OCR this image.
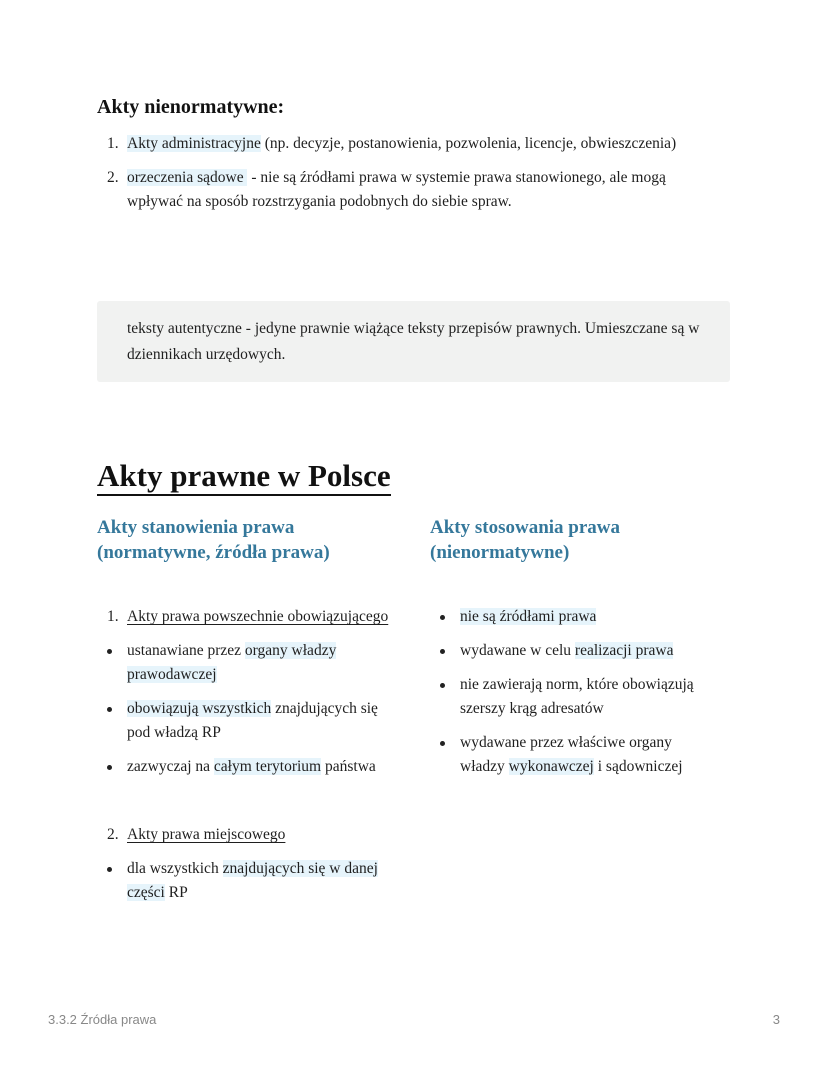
Akty nienormatywne:
1. Akty administracyjne (np. decyzje, postanowienia, pozwolenia, licencje, obwieszczenia)
2. orzeczenia sądowe  - nie są źródłami prawa w systemie prawa stanowionego, ale mogą wpływać na sposób rozstrzygania podobnych do siebie spraw.
teksty autentyczne - jedyne prawnie wiążące teksty przepisów prawnych. Umieszczane są w dziennikach urzędowych.
Akty prawne w Polsce
Akty stanowienia prawa
(normatywne, źródła prawa)
1. Akty prawa powszechnie obowiązującego
ustanawiane przez organy władzy prawodawczej
obowiązują wszystkich znajdujących się pod władzą RP
zazwyczaj na całym terytorium państwa
2. Akty prawa miejscowego
dla wszystkich znajdujących się w danej części RP
Akty stosowania prawa
(nienormatywne)
nie są źródłami prawa
wydawane w celu realizacji prawa
nie zawierają norm, które obowiązują szerszy krąg adresatów
wydawane przez właściwe organy władzy wykonawczej i sądowniczej
3.3.2 Źródła prawa	3
